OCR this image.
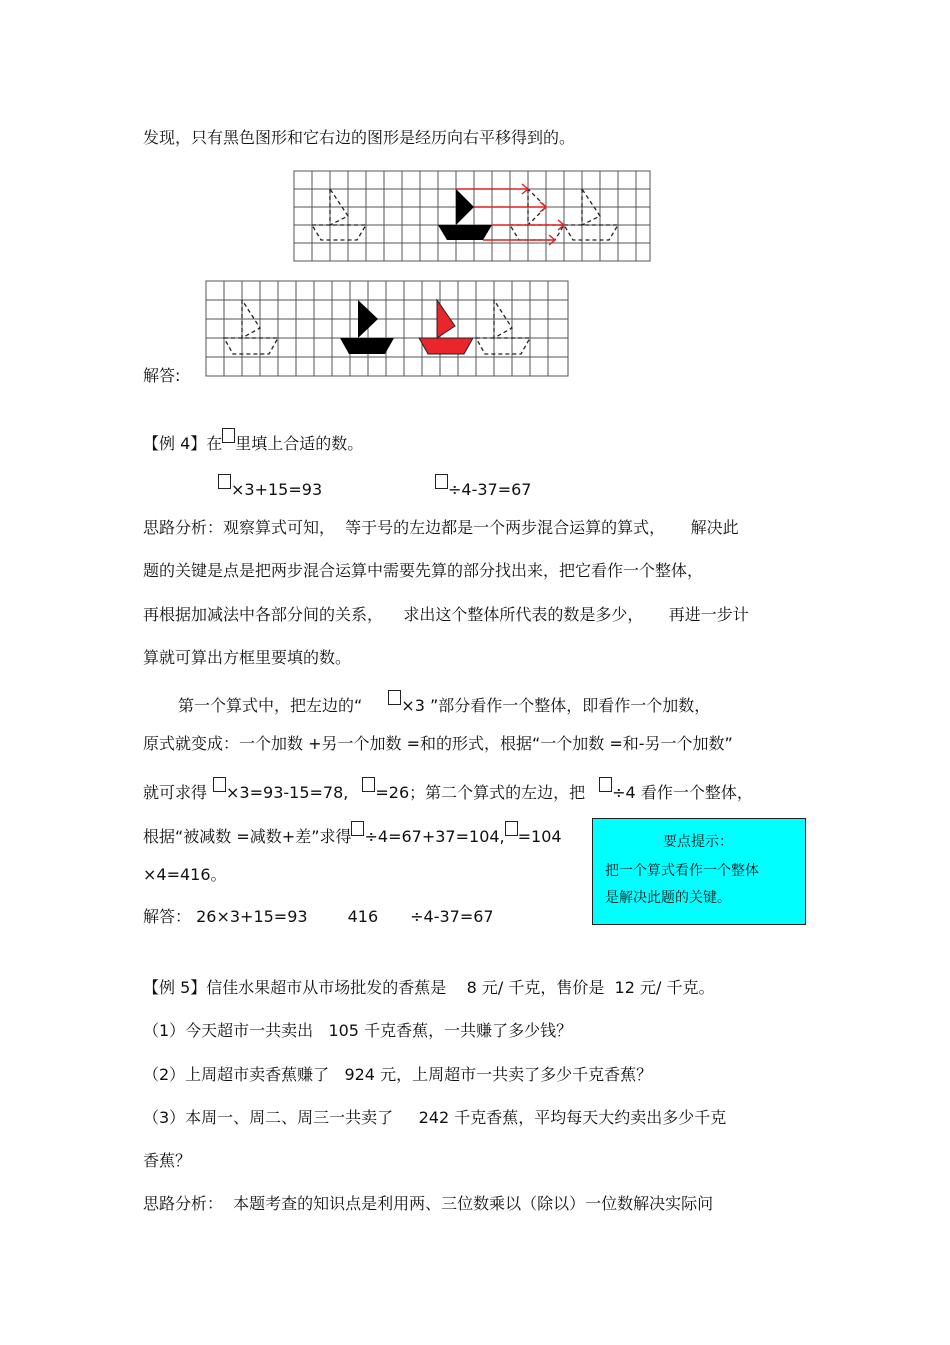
发现，只有黑色图形和它右边的图形是经历向右平移得到的。
解答:
【例 4】在 里填上合适的数。
×3+15=93	÷4-37=67
思路分析：观察算式可知，  等于号的左边都是一个两步混合运算的算式，     解决此
题的关键是点是把两步混合运算中需要先算的部分找出来，把它看作一个整体，
再根据加减法中各部分间的关系，    求出这个整体所代表的数是多少，     再进一步计
算就可算出方框里要填的数。
第一个算式中，把左边的“ ×3 ”部分看作一个整体，即看作一个加数，
原式就变成：一个加数 +另一个加数 =和的形式，根据“一个加数 =和-另一个加数”
就可求得 ×3=93-15=78, =26；第二个算式的左边，把 ÷4 看作一个整体，
根据“被减数 =减数+差”求得 ÷4=67+37=104, =104
×4=416。
解答： 26×3+15=93	416 ÷4-37=67
要点提示：
把一个算式看作一个整体
是解决此题的关键。
【例 5】信佳水果超市从市场批发的香蕉是    8 元/ 千克，售价是  12 元/ 千克。
（1）今天超市一共卖出   105 千克香蕉，一共赚了多少钱？
（2）上周超市卖香蕉赚了   924 元，上周超市一共卖了多少千克香蕉？
（3）本周一、周二、周三一共卖了     242 千克香蕉，平均每天大约卖出多少千克
香蕉？
思路分析：  本题考查的知识点是利用两、三位数乘以（除以）一位数解决实际问
